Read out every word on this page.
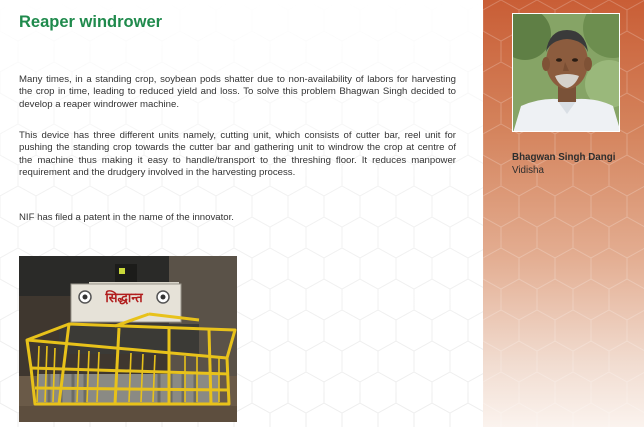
Reaper windrower
Many times, in a standing crop, soybean pods shatter due to non-availability of labors for harvesting the crop in time, leading to reduced yield and loss. To solve this problem Bhagwan Singh decided to develop a reaper windrower machine.
This device has three different units namely, cutting unit, which consists of cutter bar, reel unit for pushing the standing crop towards the cutter bar and gathering unit to windrow the crop at centre of the machine thus making it easy to handle/transport to the threshing floor. It reduces manpower requirement and the drudgery involved in the harvesting process.
NIF has filed a patent in the name of the innovator.
सिद्धान्त
Bhagwan Singh Dangi
Vidisha
